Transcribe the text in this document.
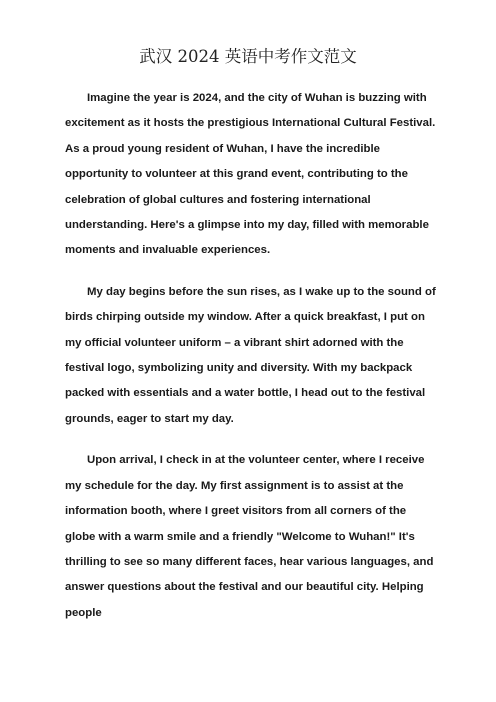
武汉 2024 英语中考作文范文

Imagine the year is 2024, and the city of Wuhan is buzzing with excitement as it hosts the prestigious International Cultural Festival. As a proud young resident of Wuhan, I have the incredible opportunity to volunteer at this grand event, contributing to the celebration of global cultures and fostering international understanding. Here's a glimpse into my day, filled with memorable moments and invaluable experiences.

My day begins before the sun rises, as I wake up to the sound of birds chirping outside my window. After a quick breakfast, I put on my official volunteer uniform – a vibrant shirt adorned with the festival logo, symbolizing unity and diversity. With my backpack packed with essentials and a water bottle, I head out to the festival grounds, eager to start my day.

Upon arrival, I check in at the volunteer center, where I receive my schedule for the day. My first assignment is to assist at the information booth, where I greet visitors from all corners of the globe with a warm smile and a friendly "Welcome to Wuhan!" It's thrilling to see so many different faces, hear various languages, and answer questions about the festival and our beautiful city. Helping people
